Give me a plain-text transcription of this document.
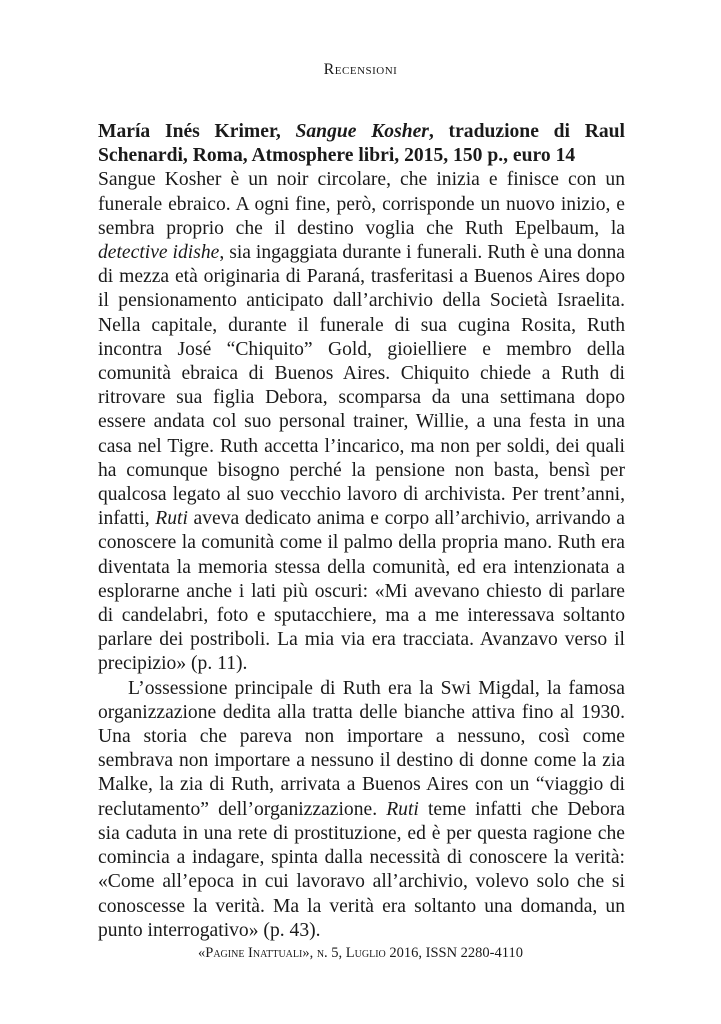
Recensioni

María Inés Krimer, Sangue Kosher, traduzione di Raul Schenardi, Roma, Atmosphere libri, 2015, 150 p., euro 14

Sangue Kosher è un noir circolare, che inizia e finisce con un funerale ebraico. A ogni fine, però, corrisponde un nuovo inizio, e sembra proprio che il destino voglia che Ruth Epelbaum, la detective idishe, sia ingaggiata durante i funerali. Ruth è una donna di mezza età originaria di Paraná, trasferitasi a Buenos Aires dopo il pensionamento anticipato dall’archivio della Società Israelita. Nella capitale, durante il funerale di sua cugina Rosita, Ruth incontra José “Chiquito” Gold, gioielliere e membro della comunità ebraica di Buenos Aires. Chiquito chiede a Ruth di ritrovare sua figlia Debora, scomparsa da una settimana dopo essere andata col suo personal trainer, Willie, a una festa in una casa nel Tigre. Ruth accetta l’incarico, ma non per soldi, dei quali ha comunque bisogno perché la pensione non basta, bensì per qualcosa legato al suo vecchio lavoro di archivista. Per trent’anni, infatti, Ruti aveva dedicato anima e corpo all’archivio, arrivando a conoscere la comunità come il palmo della propria mano. Ruth era diventata la memoria stessa della comunità, ed era intenzionata a esplorarne anche i lati più oscuri: «Mi avevano chiesto di parlare di candelabri, foto e sputacchiere, ma a me interessava soltanto parlare dei postriboli. La mia via era tracciata. Avanzavo verso il precipizio» (p. 11).

L’ossessione principale di Ruth era la Swi Migdal, la famosa organizzazione dedita alla tratta delle bianche attiva fino al 1930. Una storia che pareva non importare a nessuno, così come sembrava non importare a nessuno il destino di donne come la zia Malke, la zia di Ruth, arrivata a Buenos Aires con un “viaggio di reclutamento” dell’organizzazione. Ruti teme infatti che Debora sia caduta in una rete di prostituzione, ed è per questa ragione che comincia a indagare, spinta dalla necessità di conoscere la verità: «Come all’epoca in cui lavoravo all’archivio, volevo solo che si conoscesse la verità. Ma la verità era soltanto una domanda, un punto interrogativo» (p. 43).

«Pagine Inattuali», n. 5, Luglio 2016, ISSN 2280-4110
